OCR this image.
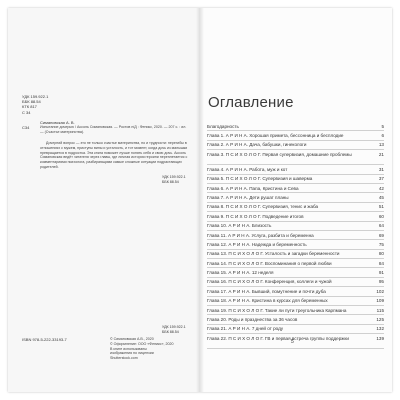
УДК 159.922.1
ББК 88.54
КТК 817
С 34
Симановская А. В.
С34	Испытание дочерью / Ассоль Симановская. — Ростов н/Д : Феникс, 2020. — 207 с. : ил. — (Счастье материнства).
Дочерний вопрос — это не только счастье материнства, но и трудности: перегибы в отношениях с мужем, приступы вины и усталость, и тот момент, когда дочь из малышки превращается в подростка. Эта книга поможет лучше понять себя и свою дочь. Ассоль Симановская ведёт читателя через главы, где личная история героини переплетается с комментариями психолога, разбирающими самые сложные ситуации подрастающих родителей.
УДК 159.922.1
ББК 88.54
УДК 159.922.1
ББК 88.54
ISBN 978-5-222-33193-7	© Симановская А.В., 2020
© Оформление: ООО «Феникс», 2020
В книге использованы
изображения по лицензии
Shutterstock.com
Оглавление
Благодарность	5
Глава 1. А Р И Н А. Хорошая примета, бессонница и бесплодие	6
Глава 2. А Р И Н А. Дача, бабушки, гинекологи	13
Глава 3. П С И Х О Л О Г. Первая супервизия, домашние проблемы	21
Глава 4. А Р И Н А. Работа, муж и кот	31
Глава 5. П С И Х О Л О Г. Супервизия и шаверма	37
Глава 6. А Р И Н А. Папа, Кристина и Сева	42
Глава 7. А Р И Н А. Дети рушат планы	45
Глава 8. П С И Х О Л О Г. Супервизия, тенис и жаба	51
Глава 9. П С И Х О Л О Г. Подведение итогов	60
Глава 10. А Р И Н А. Близость	64
Глава 11. А Р И Н А. Услуга, разбита и беременна	69
Глава 12. А Р И Н А. Надежда и беременность	75
Глава 13. П С И Х О Л О Г. Усталость и загадки беременности	80
Глава 14. П С И Х О Л О Г. Воспоминания о первой любви	84
Глава 15. А Р И Н А. 12 неделя	91
Глава 16. П С И Х О Л О Г. Конференция, коллеги и чужой	95
Глава 17. А Р И Н А. Бывший, помутнение и почти дуба	102
Глава 18. А Р И Н А. Кристина в курсах для беременных	109
Глава 19. П С И Х О Л О Г. Такие ли пути треугольника Карпмана	115
Глава 20. Роды и празднества за 36 часов	125
Глава 21. А Р И Н А. 7 дней от роду	132
Глава 22. П С И Х О Л О Г. ГВ и первая встреча группы поддержки	139
5
